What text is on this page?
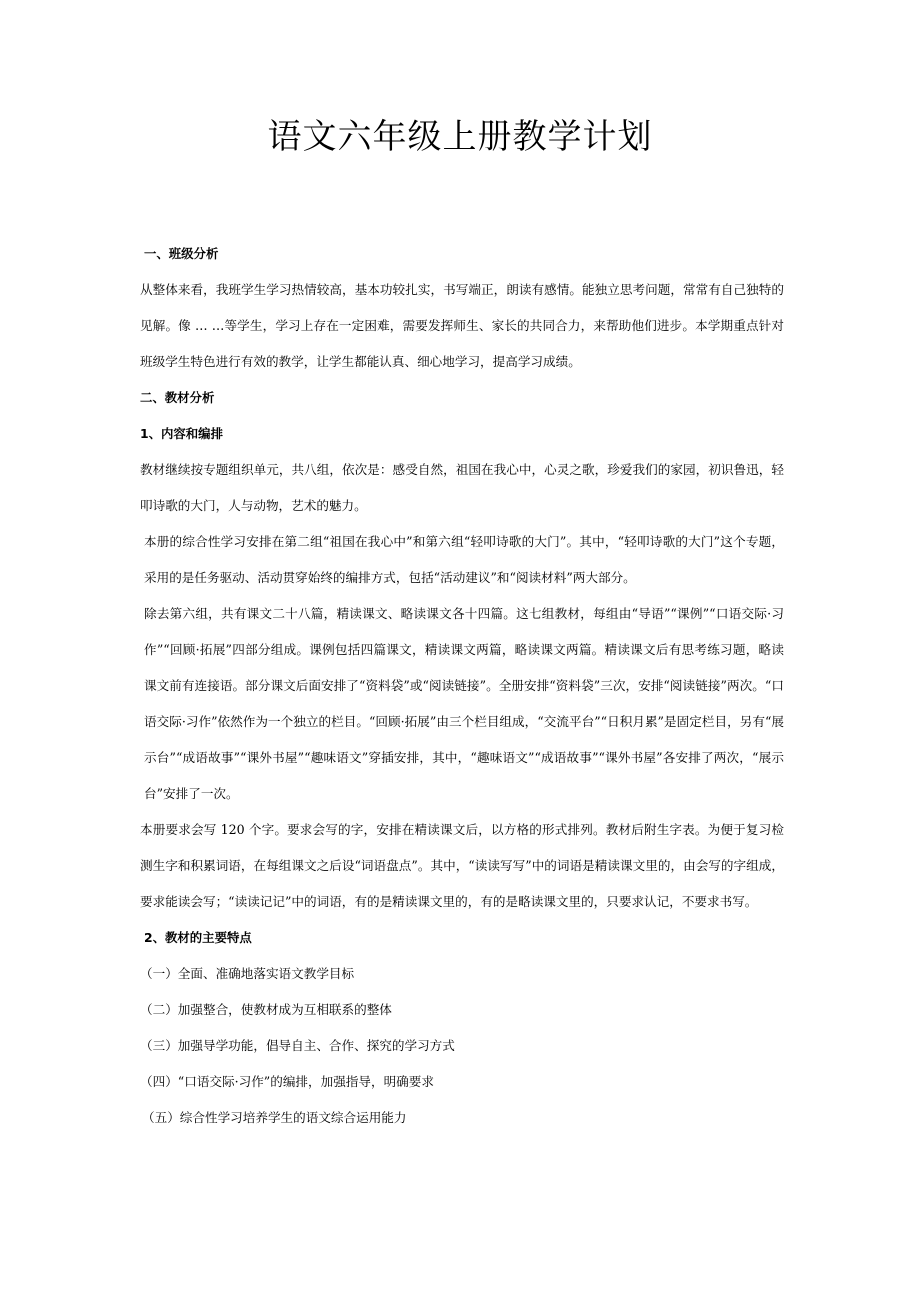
语文六年级上册教学计划

一、班级分析

从整体来看，我班学生学习热情较高，基本功较扎实，书写端正，朗读有感情。能独立思考问题，常常有自己独特的见解。像 … …等学生，学习上存在一定困难，需要发挥师生、家长的共同合力，来帮助他们进步。本学期重点针对班级学生特色进行有效的教学，让学生都能认真、细心地学习，提高学习成绩。

二、教材分析

1、内容和编排

教材继续按专题组织单元，共八组，依次是：感受自然，祖国在我心中，心灵之歌，珍爱我们的家园，初识鲁迅，轻叩诗歌的大门，人与动物，艺术的魅力。

本册的综合性学习安排在第二组“祖国在我心中”和第六组“轻叩诗歌的大门”。其中，“轻叩诗歌的大门”这个专题，采用的是任务驱动、活动贯穿始终的编排方式，包括“活动建议”和“阅读材料”两大部分。

除去第六组，共有课文二十八篇，精读课文、略读课文各十四篇。这七组教材，每组由“导语”“课例”“口语交际·习作”“回顾·拓展”四部分组成。课例包括四篇课文，精读课文两篇，略读课文两篇。精读课文后有思考练习题，略读课文前有连接语。部分课文后面安排了“资料袋”或“阅读链接”。全册安排“资料袋”三次，安排“阅读链接”两次。“口语交际·习作”依然作为一个独立的栏目。“回顾·拓展”由三个栏目组成，“交流平台”“日积月累”是固定栏目，另有“展示台”“成语故事”“课外书屋”“趣味语文”穿插安排，其中，“趣味语文”“成语故事”“课外书屋”各安排了两次，“展示台”安排了一次。

本册要求会写 120 个字。要求会写的字，安排在精读课文后，以方格的形式排列。教材后附生字表。为便于复习检测生字和积累词语，在每组课文之后设“词语盘点”。其中，“读读写写”中的词语是精读课文里的，由会写的字组成，要求能读会写；“读读记记”中的词语，有的是精读课文里的，有的是略读课文里的，只要求认记，不要求书写。

2、教材的主要特点

（一）全面、准确地落实语文教学目标

（二）加强整合，使教材成为互相联系的整体

（三）加强导学功能，倡导自主、合作、探究的学习方式

（四）“口语交际·习作”的编排，加强指导，明确要求

（五）综合性学习培养学生的语文综合运用能力
